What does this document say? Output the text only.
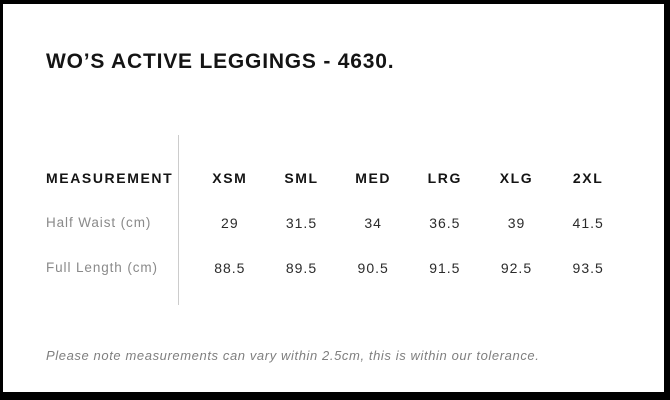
WO’S ACTIVE LEGGINGS - 4630.
MEASUREMENT	XSM	SML	MED	LRG	XLG	2XL
Half Waist (cm)	29	31.5	34	36.5	39	41.5
Full Length (cm)	88.5	89.5	90.5	91.5	92.5	93.5
Please note measurements can vary within 2.5cm, this is within our tolerance.
